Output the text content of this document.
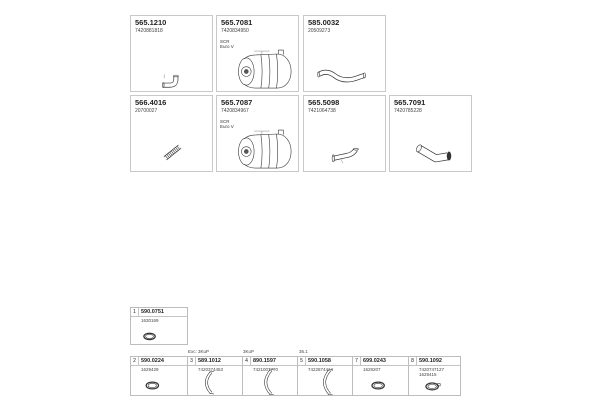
565.1210
7420881818
565.7081
7420834950
SCR
Euro V
585.0032
20509273
566.4016
20700027
565.7087
7420834967
SCR
Euro V
565.5098
7421064738
565.7091
7420785228
1 590.0751
1630169
2 590.0224
1629429
Exc: 3KuP
3 589.1012
7420374453
3KuP
4 890.1597
7421007770
36.1
5 590.1058
7422874414
7 699.0243
1629207
8 590.1092
7420747127
1629415
